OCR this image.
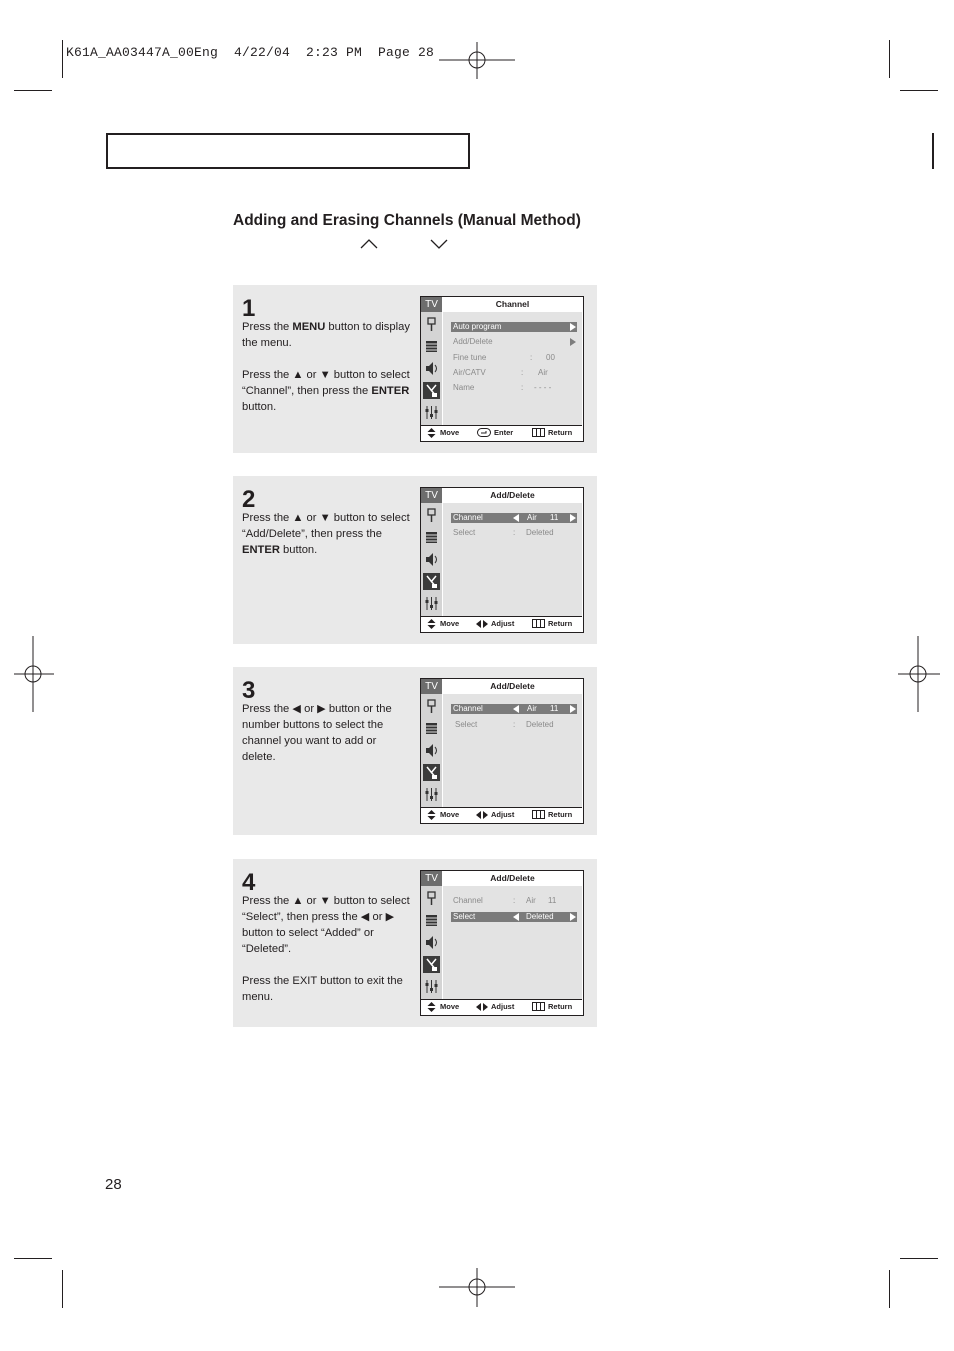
K61A_AA03447A_00Eng  4/22/04  2:23 PM  Page 28
Adding and Erasing Channels (Manual Method)
1

Press the MENU button to display the menu.

Press the ▲ or ▼ button to select “Channel”, then press the ENTER button.

TV	Channel
Auto program
Add/Delete
Fine tune	: 00
Air/CATV	: Air
Name	: - - - -
Move	Enter	Return
2

Press the ▲ or ▼ button to select “Add/Delete”, then press the ENTER button.

TV	Add/Delete
Channel	Air 11
Select	: Deleted
Move	Adjust	Return
3

Press the ◀ or ▶ button or the number buttons to select the channel you want to add or delete.

TV	Add/Delete
Channel	Air 11
Select	: Deleted
Move	Adjust	Return
4

Press the ▲ or ▼ button to select “Select”, then press the ◀ or ▶ button to select “Added” or “Deleted”.

Press the EXIT button to exit the menu.

TV	Add/Delete
Channel	: Air 11
Select	Deleted
Move	Adjust	Return
28
